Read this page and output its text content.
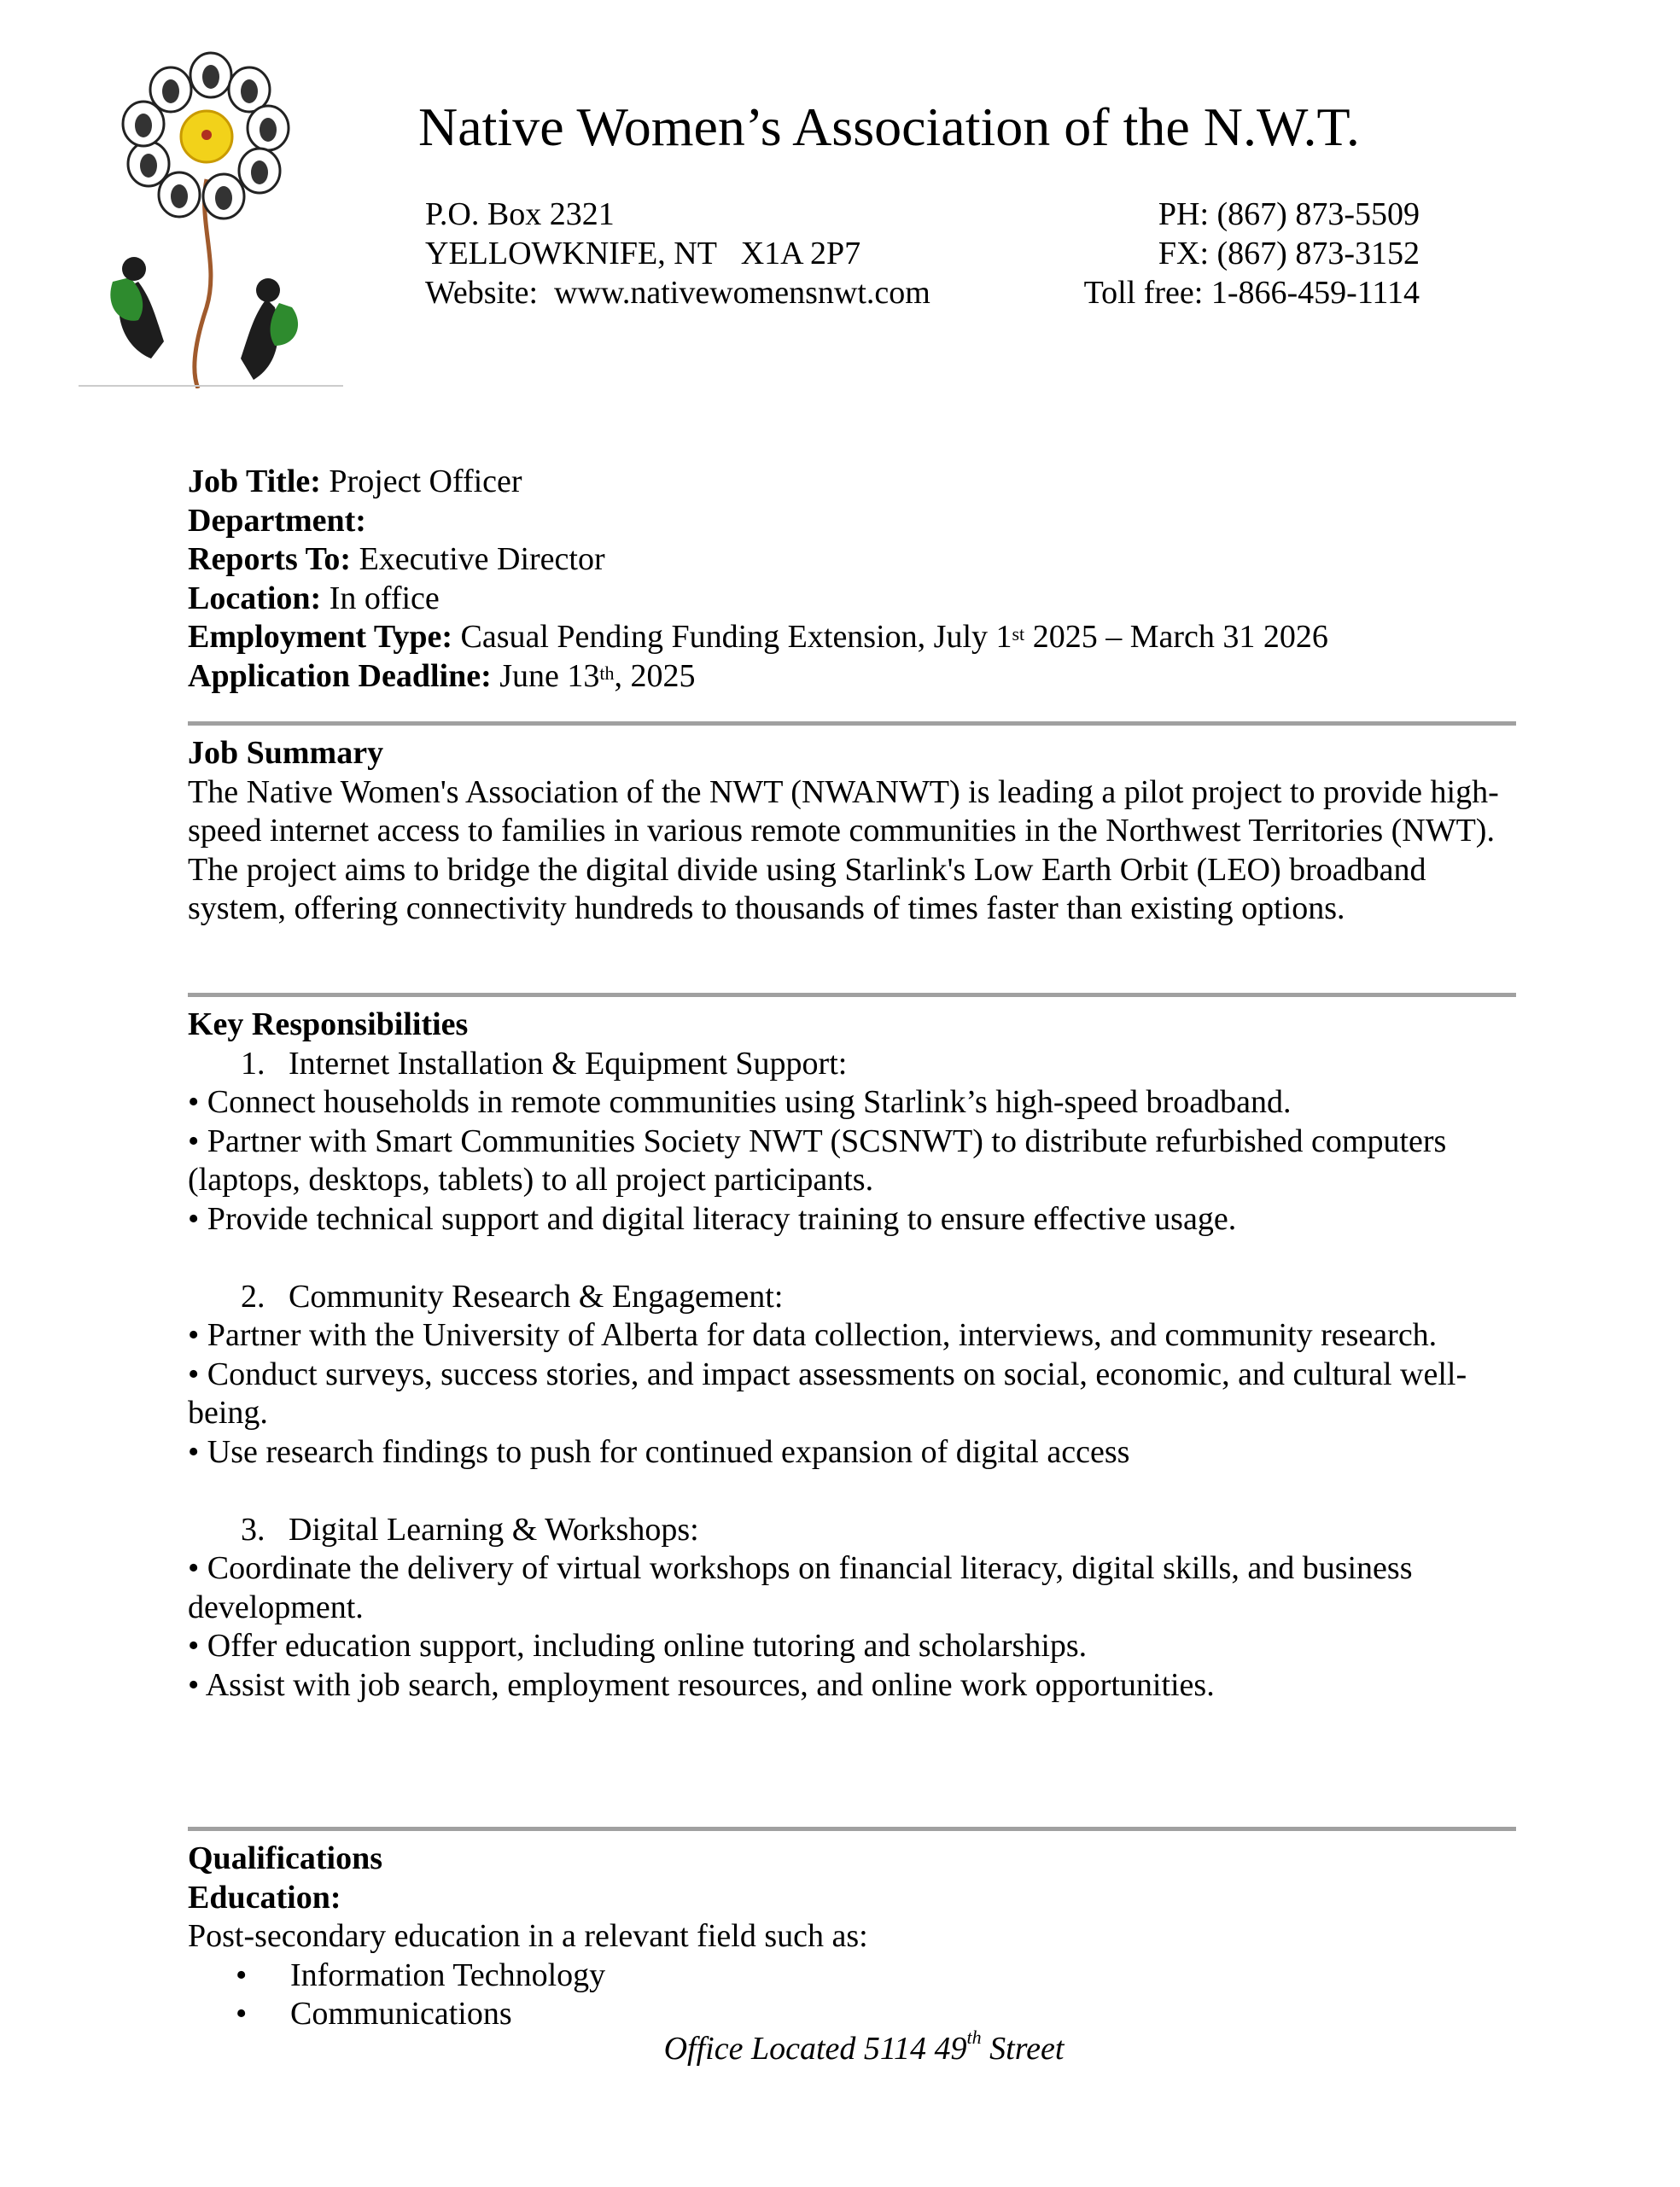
Native Women’s Association of the N.W.T.
P.O. Box 2321
YELLOWKNIFE, NT   X1A 2P7
Website:  www.nativewomensnwt.com
PH: (867) 873-5509
FX: (867) 873-3152
Toll free: 1-866-459-1114
Job Title: Project Officer
Department:
Reports To: Executive Director
Location: In office
Employment Type: Casual Pending Funding Extension, July 1st 2025 – March 31 2026
Application Deadline: June 13th, 2025
Job Summary
The Native Women's Association of the NWT (NWANWT) is leading a pilot project to provide high-speed internet access to families in various remote communities in the Northwest Territories (NWT). The project aims to bridge the digital divide using Starlink's Low Earth Orbit (LEO) broadband system, offering connectivity hundreds to thousands of times faster than existing options.
Key Responsibilities
1. Internet Installation & Equipment Support:
• Connect households in remote communities using Starlink’s high-speed broadband.
• Partner with Smart Communities Society NWT (SCSNWT) to distribute refurbished computers (laptops, desktops, tablets) to all project participants.
• Provide technical support and digital literacy training to ensure effective usage.
2. Community Research & Engagement:
• Partner with the University of Alberta for data collection, interviews, and community research.
• Conduct surveys, success stories, and impact assessments on social, economic, and cultural well-being.
• Use research findings to push for continued expansion of digital access
3. Digital Learning & Workshops:
• Coordinate the delivery of virtual workshops on financial literacy, digital skills, and business development.
• Offer education support, including online tutoring and scholarships.
• Assist with job search, employment resources, and online work opportunities.
Qualifications
Education:
Post-secondary education in a relevant field such as:
• Information Technology
• Communications
Office Located 5114 49th Street
